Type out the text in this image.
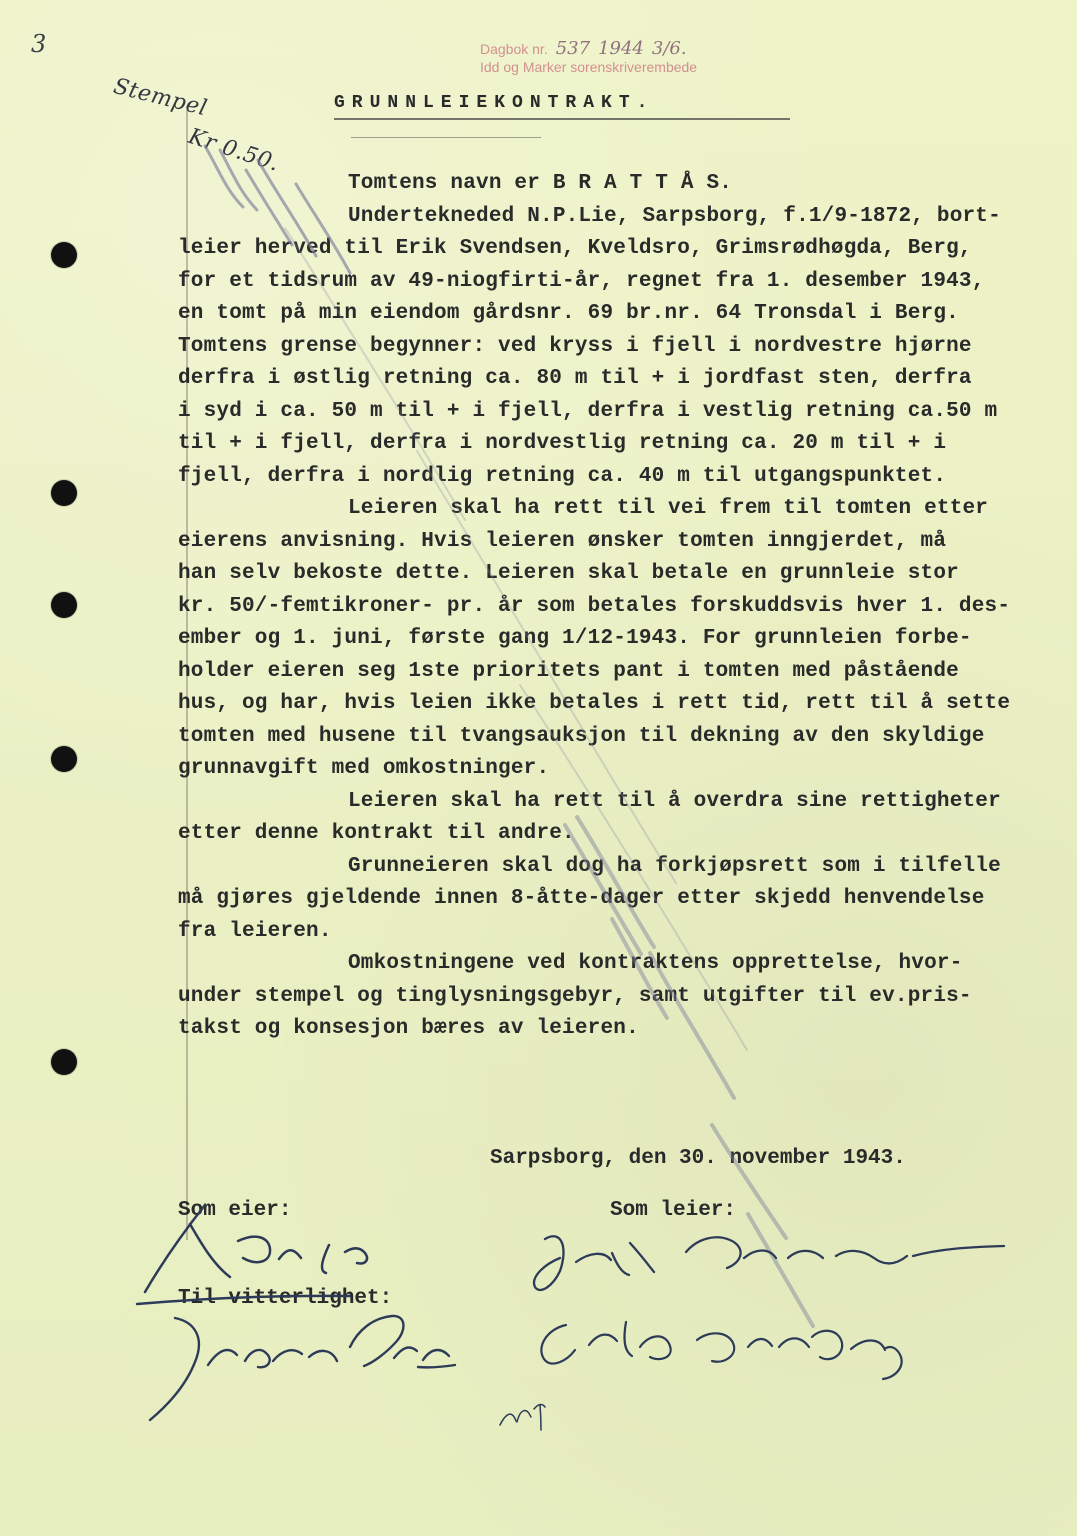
3
Stempel
Kr 0.50.
Dagbok nr. 537 1944 3/6.
Idd og Marker sorenskriverembede
GRUNNLEIEKONTRAKT.
Tomtens navn er B R A T T Å S.
Undertekneded N.P.Lie, Sarpsborg, f.1/9-1872, bort-
leier herved til Erik Svendsen, Kveldsro, Grimsrødhøgda, Berg,
for et tidsrum av 49-niogfirti-år, regnet fra 1. desember 1943,
en tomt på min eiendom gårdsnr. 69 br.nr. 64 Tronsdal i Berg.
Tomtens grense begynner: ved kryss i fjell i nordvestre hjørne
derfra i østlig retning ca. 80 m til + i jordfast sten, derfra
i syd i ca. 50 m til + i fjell, derfra i vestlig retning ca.50 m
til + i fjell, derfra i nordvestlig retning ca. 20 m til + i
fjell, derfra i nordlig retning ca. 40 m til utgangspunktet.
Leieren skal ha rett til vei frem til tomten etter
eierens anvisning. Hvis leieren ønsker tomten inngjerdet, må
han selv bekoste dette. Leieren skal betale en grunnleie stor
kr. 50/-femtikroner- pr. år som betales forskuddsvis hver 1. des-
ember og 1. juni, første gang 1/12-1943. For grunnleien forbe-
holder eieren seg 1ste prioritets pant i tomten med påstående
hus, og har, hvis leien ikke betales i rett tid, rett til å sette
tomten med husene til tvangsauksjon til dekning av den skyldige
grunnavgift med omkostninger.
Leieren skal ha rett til å overdra sine rettigheter
etter denne kontrakt til andre.
Grunneieren skal dog ha forkjøpsrett som i tilfelle
må gjøres gjeldende innen 8-åtte-dager etter skjedd henvendelse
fra leieren.
Omkostningene ved kontraktens opprettelse, hvor-
under stempel og tinglysningsgebyr, samt utgifter til ev.pris-
takst og konsesjon bæres av leieren.
Sarpsborg, den 30. november 1943.
Som eier:	Som leier:
Til vitterlighet:
